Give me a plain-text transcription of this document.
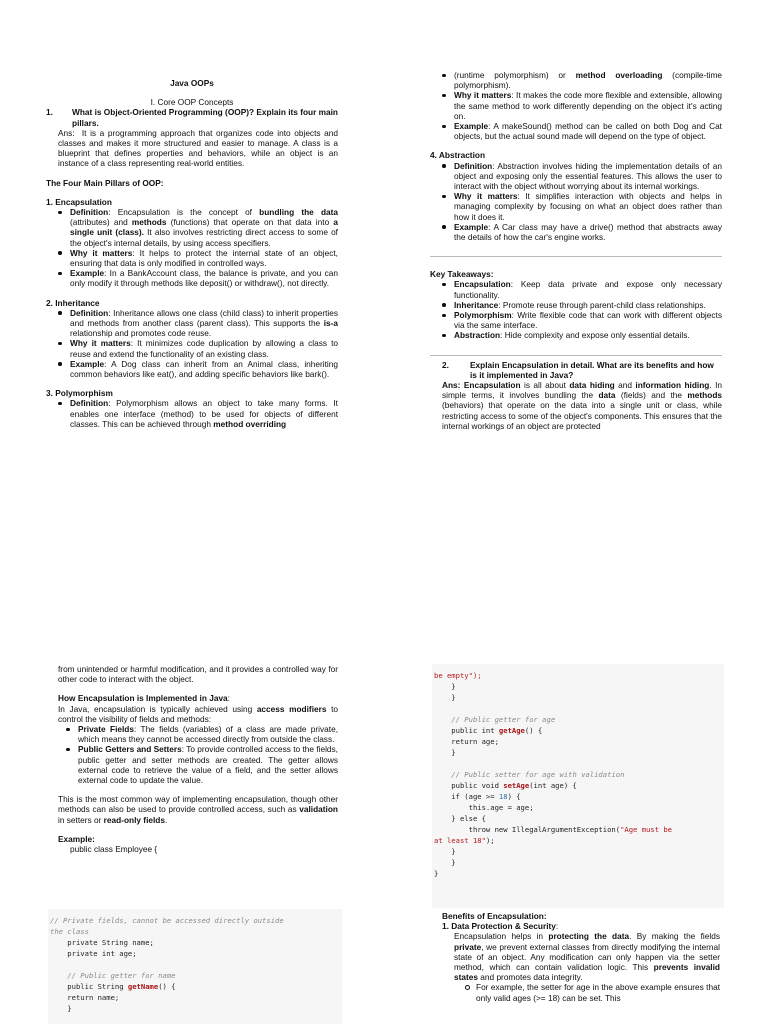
Java OOPs

I. Core OOP Concepts

1.	What is Object-Oriented Programming (OOP)? Explain its four main pillars.

Ans: It is a programming approach that organizes code into objects and classes and makes it more structured and easier to manage. A class is a blueprint that defines properties and behaviors, while an object is an instance of a class representing real-world entities.

The Four Main Pillars of OOP:

1. Encapsulation

Definition: Encapsulation is the concept of bundling the data (attributes) and methods (functions) that operate on that data into a single unit (class). It also involves restricting direct access to some of the object's internal details, by using access specifiers.
Why it matters: It helps to protect the internal state of an object, ensuring that data is only modified in controlled ways.
Example: In a BankAccount class, the balance is private, and you can only modify it through methods like deposit() or withdraw(), not directly.

2. Inheritance

Definition: Inheritance allows one class (child class) to inherit properties and methods from another class (parent class). This supports the is-a relationship and promotes code reuse.
Why it matters: It minimizes code duplication by allowing a class to reuse and extend the functionality of an existing class.
Example: A Dog class can inherit from an Animal class, inheriting common behaviors like eat(), and adding specific behaviors like bark().

3. Polymorphism

Definition: Polymorphism allows an object to take many forms. It enables one interface (method) to be used for objects of different classes. This can be achieved through method overriding
(runtime polymorphism) or method overloading (compile-time polymorphism).
Why it matters: It makes the code more flexible and extensible, allowing the same method to work differently depending on the object it's acting on.
Example: A makeSound() method can be called on both Dog and Cat objects, but the actual sound made will depend on the type of object.

4. Abstraction

Definition: Abstraction involves hiding the implementation details of an object and exposing only the essential features. This allows the user to interact with the object without worrying about its internal workings.
Why it matters: It simplifies interaction with objects and helps in managing complexity by focusing on what an object does rather than how it does it.
Example: A Car class may have a drive() method that abstracts away the details of how the car's engine works.

Key Takeaways:

Encapsulation: Keep data private and expose only necessary functionality.
Inheritance: Promote reuse through parent-child class relationships.
Polymorphism: Write flexible code that can work with different objects via the same interface.
Abstraction: Hide complexity and expose only essential details.
2.	Explain Encapsulation in detail. What are its benefits and how is it implemented in Java?

Ans: Encapsulation is all about data hiding and information hiding. In simple terms, it involves bundling the data (fields) and the methods (behaviors) that operate on the data into a single unit or class, while restricting access to some of the object's components. This ensures that the internal workings of an object are protected

from unintended or harmful modification, and it provides a controlled way for other code to interact with the object.

How Encapsulation is Implemented in Java:

In Java, encapsulation is typically achieved using access modifiers to control the visibility of fields and methods:

Private Fields: The fields (variables) of a class are made private, which means they cannot be accessed directly from outside the class.
Public Getters and Setters: To provide controlled access to the fields, public getter and setter methods are created. The getter allows external code to retrieve the value of a field, and the setter allows external code to update the value.

This is the most common way of implementing encapsulation, though other methods can also be used to provide controlled access, such as validation in setters or read-only fields.

Example:

public class Employee {

// Private fields, cannot be accessed directly outside
the class
private String name;
private int age;

// Public getter for name
public String getName() {
return name;
}
be empty");
}
}

// Public getter for age
public int getAge() {
return age;
}

// Public setter for age with validation
public void setAge(int age) {
if (age >= 18) {
this.age = age;
} else {
throw new IllegalArgumentException("Age must be
at least 18");
}
}
}

Benefits of Encapsulation:

1. Data Protection & Security:

Encapsulation helps in protecting the data. By making the fields private, we prevent external classes from directly modifying the internal state of an object. Any modification can only happen via the setter method, which can contain validation logic. This prevents invalid states and promotes data integrity.

For example, the setter for age in the above example ensures that only valid ages (>= 18) can be set. This
